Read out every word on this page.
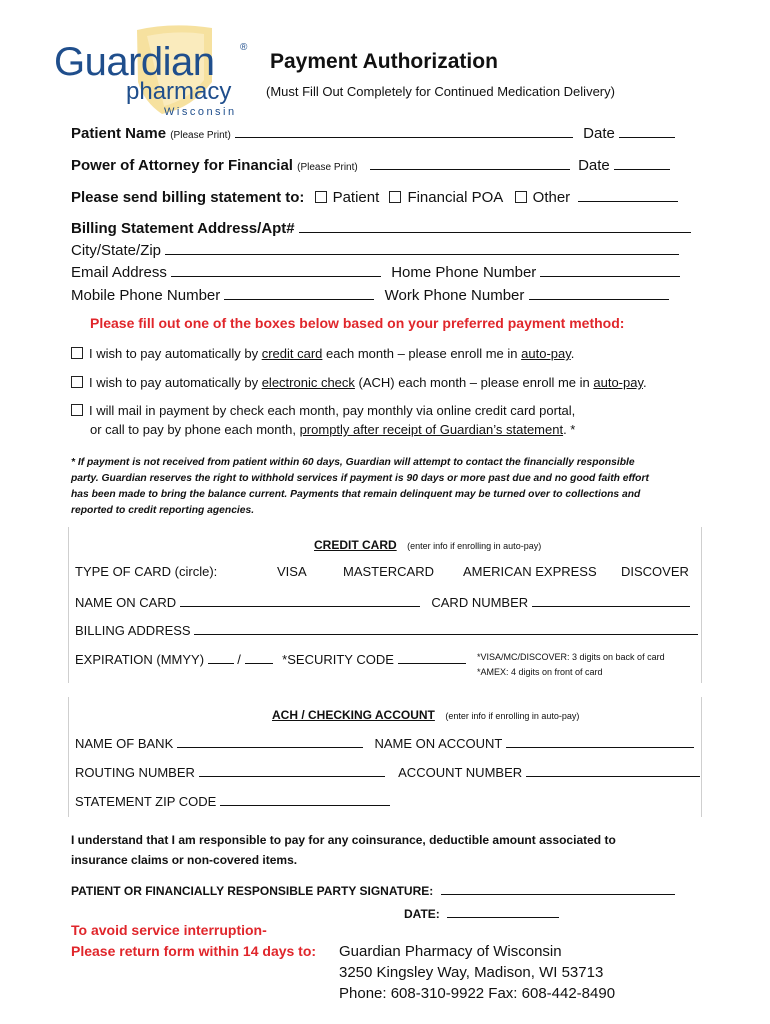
Guardian	®
pharmacy
Wisconsin
Payment Authorization
(Must Fill Out Completely for Continued Medication Delivery)
Patient Name (Please Print)	Date
Power of Attorney for Financial (Please Print)	Date
Please send billing statement to: Patient Financial POA Other
Billing Statement Address/Apt#
City/State/Zip
Email Address	Home Phone Number
Mobile Phone Number	Work Phone Number
Please fill out one of the boxes below based on your preferred payment method:
I wish to pay automatically by credit card each month – please enroll me in auto-pay.
I wish to pay automatically by electronic check (ACH) each month – please enroll me in auto-pay.
I will mail in payment by check each month, pay monthly via online credit card portal,
or call to pay by phone each month, promptly after receipt of Guardian’s statement. *
* If payment is not received from patient within 60 days, Guardian will attempt to contact the financially responsible
party. Guardian reserves the right to withhold services if payment is 90 days or more past due and no good faith effort
has been made to bring the balance current. Payments that remain delinquent may be turned over to collections and
reported to credit reporting agencies.
CREDIT CARD (enter info if enrolling in auto-pay)
TYPE OF CARD (circle):	VISA	MASTERCARD AMERICAN EXPRESS DISCOVER
NAME ON CARD	CARD NUMBER
BILLING ADDRESS
EXPIRATION (MMYY)	/	*SECURITY CODE	*VISA/MC/DISCOVER: 3 digits on back of card
*AMEX: 4 digits on front of card
ACH / CHECKING ACCOUNT (enter info if enrolling in auto-pay)
NAME OF BANK	NAME ON ACCOUNT
ROUTING NUMBER	ACCOUNT NUMBER
STATEMENT ZIP CODE
I understand that I am responsible to pay for any coinsurance, deductible amount associated to
insurance claims or non-covered items.
PATIENT OR FINANCIALLY RESPONSIBLE PARTY SIGNATURE:
DATE:
To avoid service interruption-
Please return form within 14 days to: Guardian Pharmacy of Wisconsin
3250 Kingsley Way, Madison, WI 53713
Phone: 608-310-9922 Fax: 608-442-8490
